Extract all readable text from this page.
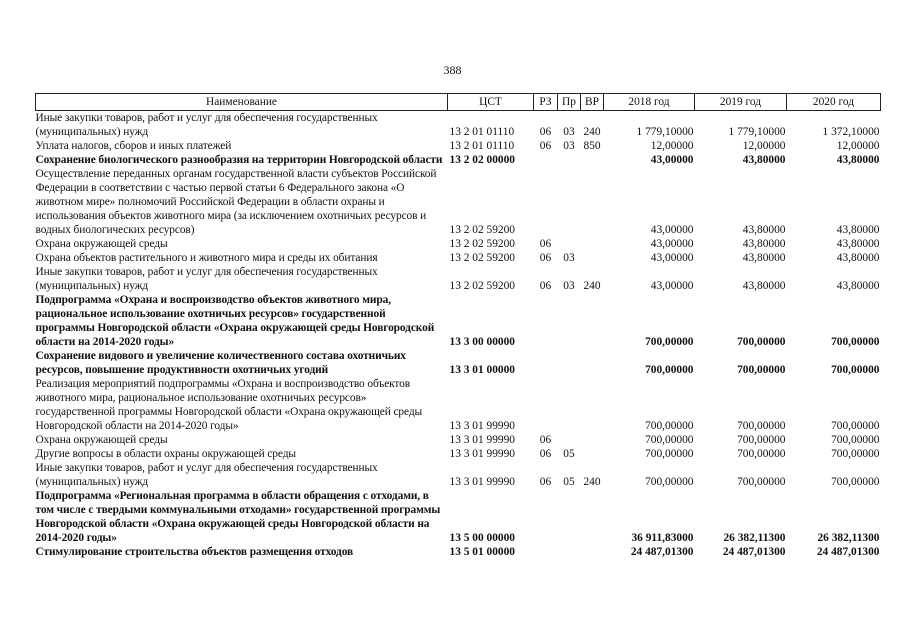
388
Наименование	ЦСТ	РЗ	Пр	ВР	2018 год	2019 год	2020 год
Иные закупки товаров, работ и услуг для обеспечения государственных (муниципальных) нужд	13 2 01 01110	06	03	240	1 779,10000	1 779,10000	1 372,10000
Уплата налогов, сборов и иных платежей	13 2 01 01110	06	03	850	12,00000	12,00000	12,00000
Сохранение биологического разнообразия на территории Новгородской области	13 2 02 00000				43,00000	43,80000	43,80000
Осуществление переданных органам государственной власти субъектов Российской Федерации в соответствии с частью первой статьи 6 Федерального закона «О животном мире» полномочий Российской Федерации в области охраны и использования объектов животного мира (за исключением охотничьих ресурсов и водных биологических ресурсов)	13 2 02 59200				43,00000	43,80000	43,80000
Охрана окружающей среды	13 2 02 59200	06			43,00000	43,80000	43,80000
Охрана объектов растительного и животного мира и среды их обитания	13 2 02 59200	06	03		43,00000	43,80000	43,80000
Иные закупки товаров, работ и услуг для обеспечения государственных (муниципальных) нужд	13 2 02 59200	06	03	240	43,00000	43,80000	43,80000
Подпрограмма «Охрана и воспроизводство объектов животного мира, рациональное использование охотничьих ресурсов» государственной программы Новгородской области «Охрана окружающей среды Новгородской области на 2014-2020 годы»	13 3 00 00000				700,00000	700,00000	700,00000
Сохранение видового и увеличение количественного состава охотничьих ресурсов, повышение продуктивности охотничьих угодий	13 3 01 00000				700,00000	700,00000	700,00000
Реализация мероприятий подпрограммы «Охрана и воспроизводство объектов животного мира, рациональное использование охотничьих ресурсов» государственной программы Новгородской области «Охрана окружающей среды Новгородской области на 2014-2020 годы»	13 3 01 99990				700,00000	700,00000	700,00000
Охрана окружающей среды	13 3 01 99990	06			700,00000	700,00000	700,00000
Другие вопросы в области охраны окружающей среды	13 3 01 99990	06	05		700,00000	700,00000	700,00000
Иные закупки товаров, работ и услуг для обеспечения государственных (муниципальных) нужд	13 3 01 99990	06	05	240	700,00000	700,00000	700,00000
Подпрограмма «Региональная программа в области обращения с отходами, в том числе с твердыми коммунальными отходами» государственной программы Новгородской области «Охрана окружающей среды Новгородской области на 2014-2020 годы»	13 5 00 00000				36 911,83000	26 382,11300	26 382,11300
Стимулирование строительства объектов размещения отходов	13 5 01 00000				24 487,01300	24 487,01300	24 487,01300
